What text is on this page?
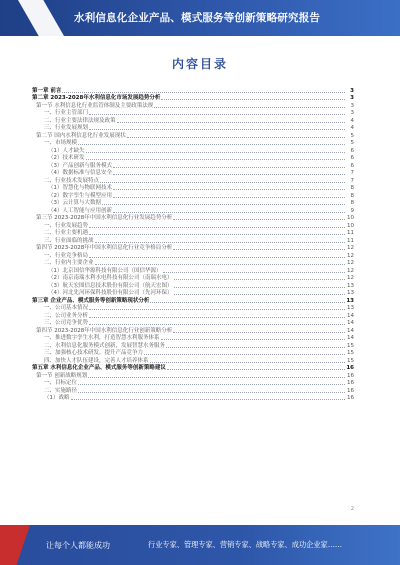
水利信息化企业产品、模式服务等创新策略研究报告
内容目录
第一章 前言	3
第二章 2023-2028年水利信息化市场发展趋势分析	3
第一节 水利信息化行业监管体制及主要政策法规	3
一、行业主管部门	3
二、行业主要法律法规及政策	4
三、行业发展规划	4
第二节 国内水利信息化行业发展现状	5
一、市场规模	5
（1）人才缺失	6
（2）技术研发	6
（3）产品创新与服务模式	6
（4）数据标准与信息安全	7
二、行业技术发展特点	7
（1）智慧化与物联网技术	8
（2）数字孪生与模型应用	8
（3）云计算与大数据	8
（4）人工智能与应用创新	9
第三节 2023-2028年中国水利信息化行业发展趋势分析	10
一、行业发展趋势	10
二、行业主要机遇	11
三、行业面临的挑战	11
第四节 2023-2028年中国水利信息化行业竞争格局分析	12
一、行业竞争格局	12
二、行业内主要企业	12
（1）北京国信华源科技有限公司（国信华源）	12
（2）南京南瑞水利水电科技有限公司（南瑞水电）	12
（3）航天宏图信息技术股份有限公司（航天宏图）	13
（4）河北先河环保科技股份有限公司（先河环保）	13
第三章 企业产品、模式服务等创新策略现状分析	13
一、公司基本情况	13
二、公司业务分析	14
三、公司竞争优势	14
第四节 2023-2028年中国水利信息化行业创新策略分析	14
一、推进数字孪生水利，打造智慧水利服务体系	14
二、水利信息化服务模式创新，发展智慧水务服务	15
三、加强核心技术研发，提升产品竞争力	15
四、加快人才队伍建设，完善人才培养体系	15
第五章 水利信息化企业产品、模式服务等创新策略建议	16
第一节 创新战略规划	16
一、目标定位	16
二、实施路径	16
（1）战略	16
2
让每个人都能成功	行业专家、管理专家、营销专家、战略专家、成功企业家……
